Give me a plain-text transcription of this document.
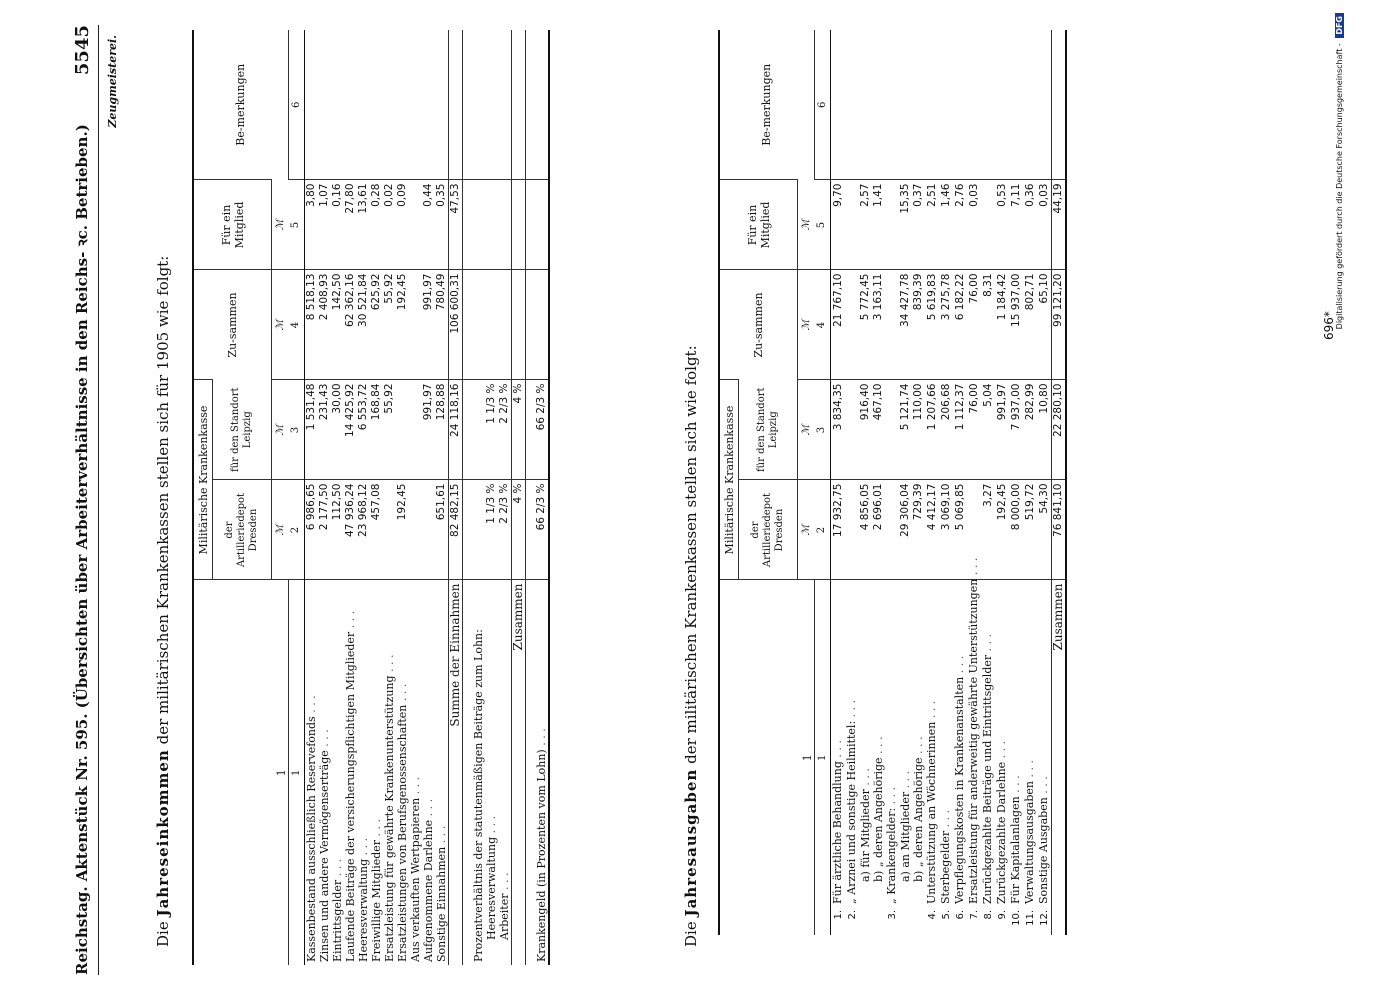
Reichstag. Aktenstück Nr. 595. (Übersichten über Arbeiterverhältnisse in den Reichs- ꝛc. Betrieben.)
5545 Zeugmeisterei.
Die Jahreseinkommen der militärischen Krankenkassen stellen sich für 1905 wie folgt:
1	Militärische Krankenkasse		Zu-sammen	Für ein Mitglied	Be-merkungen
	der Artilleriedepot Dresden	für den Standort Leipzig			
	ℳ	ℳ	ℳ	ℳ	
1	2	3	4	5	6
Kassenbestand ausschließlich Reservefonds . . .	6 986,65	1 531,48	8 518,13	3,80	
Zinsen und andere Vermögenserträge . . .	2 177,50	231,43	2 408,93	1,07	
Eintrittsgelder . . .	112,50	30,00	142,50	0,16	
Laufende Beiträge der versicherungspflichtigen Mitglieder . . .	47 936,24	14 425,92	62 362,16	27,80	
Heeresverwaltung . . .	23 968,12	6 553,72	30 521,84	13,61	
Freiwillige Mitglieder . . .	457,08	168,84	625,92	0,28	
Ersatzleistung für gewährte Krankenunterstützung . . .		55,92	55,92	0,02	
Ersatzleistungen von Berufsgenossenschaften . . .	192,45		192,45	0,09	
Aus verkauften Wertpapieren . . .					
Aufgenommene Darlehne . . .		991,97	991,97	0,44	
Sonstige Einnahmen . . .	651,61	128,88	780,49	0,35	
Summe der Einnahmen	82 482,15	24 118,16	106 600,31	47,53	

Prozentverhältnis der statutenmäßigen Beiträge zum Lohn:					
Heeresverwaltung . . .	1 1/3 %	1 1/3 %			
Arbeiter . . .	2 2/3 %	2 2/3 %			
Zusammen	4 %	4 %			

Krankengeld (in Prozenten vom Lohn) . . .	66 2/3 %	66 2/3 %			
Die Jahresausgaben der militärischen Krankenkassen stellen sich wie folgt:	1	Militärische Krankenkasse		Zu-sammen	Für ein Mitglied	Be-merkungen
	der Artilleriedepot Dresden	für den Standort Leipzig			
	ℳ	ℳ	ℳ	ℳ	
1	2	3	4	5	6
1.Für ärztliche Behandlung . . .	17 932,75	3 834,35	21 767,10	9,70	
2.„ Arznei und sonstige Heilmittel: . . .					
a) für Mitglieder . . .	4 856,05	916,40	5 772,45	2,57	
b) „ deren Angehörige . . .	2 696,01	467,10	3 163,11	1,41	
3.„ Krankengelder: . . .					
a) an Mitglieder . . .	29 306,04	5 121,74	34 427,78	15,35	
b) „ deren Angehörige . . .	729,39	110,00	839,39	0,37	
4.Unterstützung an Wöchnerinnen . . .	4 412,17	1 207,66	5 619,83	2,51	
5.Sterbegelder . . .	3 069,10	206,68	3 275,78	1,46	
6.Verpflegungskosten in Krankenanstalten . . .	5 069,85	1 112,37	6 182,22	2,76	
7.Ersatzleistung für anderweitig gewährte Unterstützungen . . .		76,00	76,00	0,03	
8.Zurückgezahlte Beiträge und Eintrittsgelder . . .	3,27	5,04	8,31		
9.Zurückgezahlte Darlehne . . .	192,45	991,97	1 184,42	0,53	
10.Für Kapitalanlagen . . .	8 000,00	7 937,00	15 937,00	7,11	
11.Verwaltungsausgaben . . .	519,72	282,99	802,71	0,36	
12.Sonstige Ausgaben . . .	54,30	10,80	65,10	0,03	
Zusammen	76 841,10	22 280,10	99 121,20	44,19	
696* Digitalisierung gefördert durch die Deutsche Forschungsgemeinschaft - DFG
